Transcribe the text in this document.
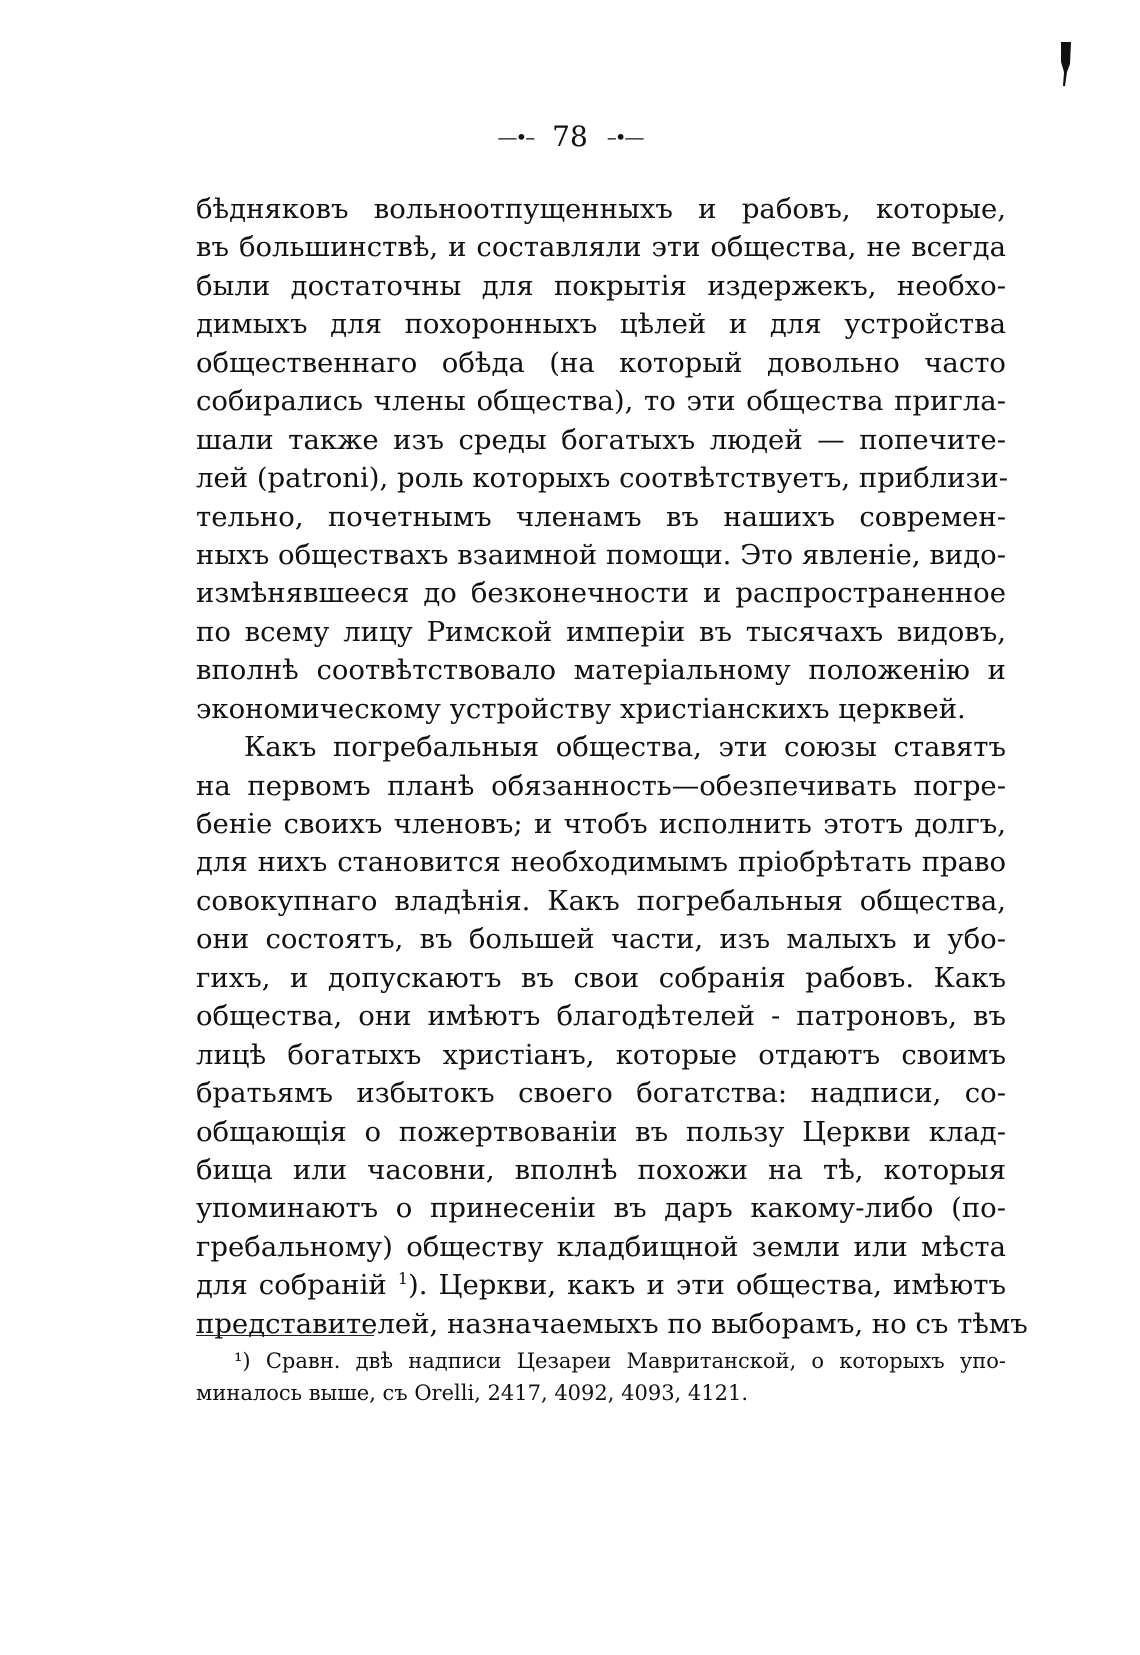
—•– 78 –•—
бѣдняковъ вольноотпущенныхъ и рабовъ, которые,
въ большинствѣ, и составляли эти общества, не всегда
были достаточны для покрытія издержекъ, необхо-
димыхъ для похоронныхъ цѣлей и для устройства
общественнаго обѣда (на который довольно часто
собирались члены общества), то эти общества пригла-
шали также изъ среды богатыхъ людей — попечите-
лей (patroni), роль которыхъ соотвѣтствуетъ, приблизи-
тельно, почетнымъ членамъ въ нашихъ современ-
ныхъ обществахъ взаимной помощи. Это явленіе, видо-
измѣнявшееся до безконечности и распространенное
по всему лицу Римской имперіи въ тысячахъ видовъ,
вполнѣ соотвѣтствовало матеріальному положенію и
экономическому устройству христіанскихъ церквей.
Какъ погребальныя общества, эти союзы ставятъ
на первомъ планѣ обязанность—обезпечивать погре-
беніе своихъ членовъ; и чтобъ исполнить этотъ долгъ,
для нихъ становится необходимымъ пріобрѣтать право
совокупнаго владѣнія. Какъ погребальныя общества,
они состоятъ, въ большей части, изъ малыхъ и убо-
гихъ, и допускаютъ въ свои собранія рабовъ. Какъ
общества, они имѣютъ благодѣтелей - патроновъ, въ
лицѣ богатыхъ христіанъ, которые отдаютъ своимъ
братьямъ избытокъ своего богатства: надписи, со-
общающія о пожертвованіи въ пользу Церкви клад-
бища или часовни, вполнѣ похожи на тѣ, которыя
упоминаютъ о принесеніи въ даръ какому-либо (по-
гребальному) обществу кладбищной земли или мѣста
для собраній $^1$). Церкви, какъ и эти общества, имѣютъ
представителей, назначаемыхъ по выборамъ, но съ тѣмъ
¹) Сравн. двѣ надписи Цезареи Мавританской, о которыхъ упо-
миналось выше, съ Orelli, 2417, 4092, 4093, 4121.
